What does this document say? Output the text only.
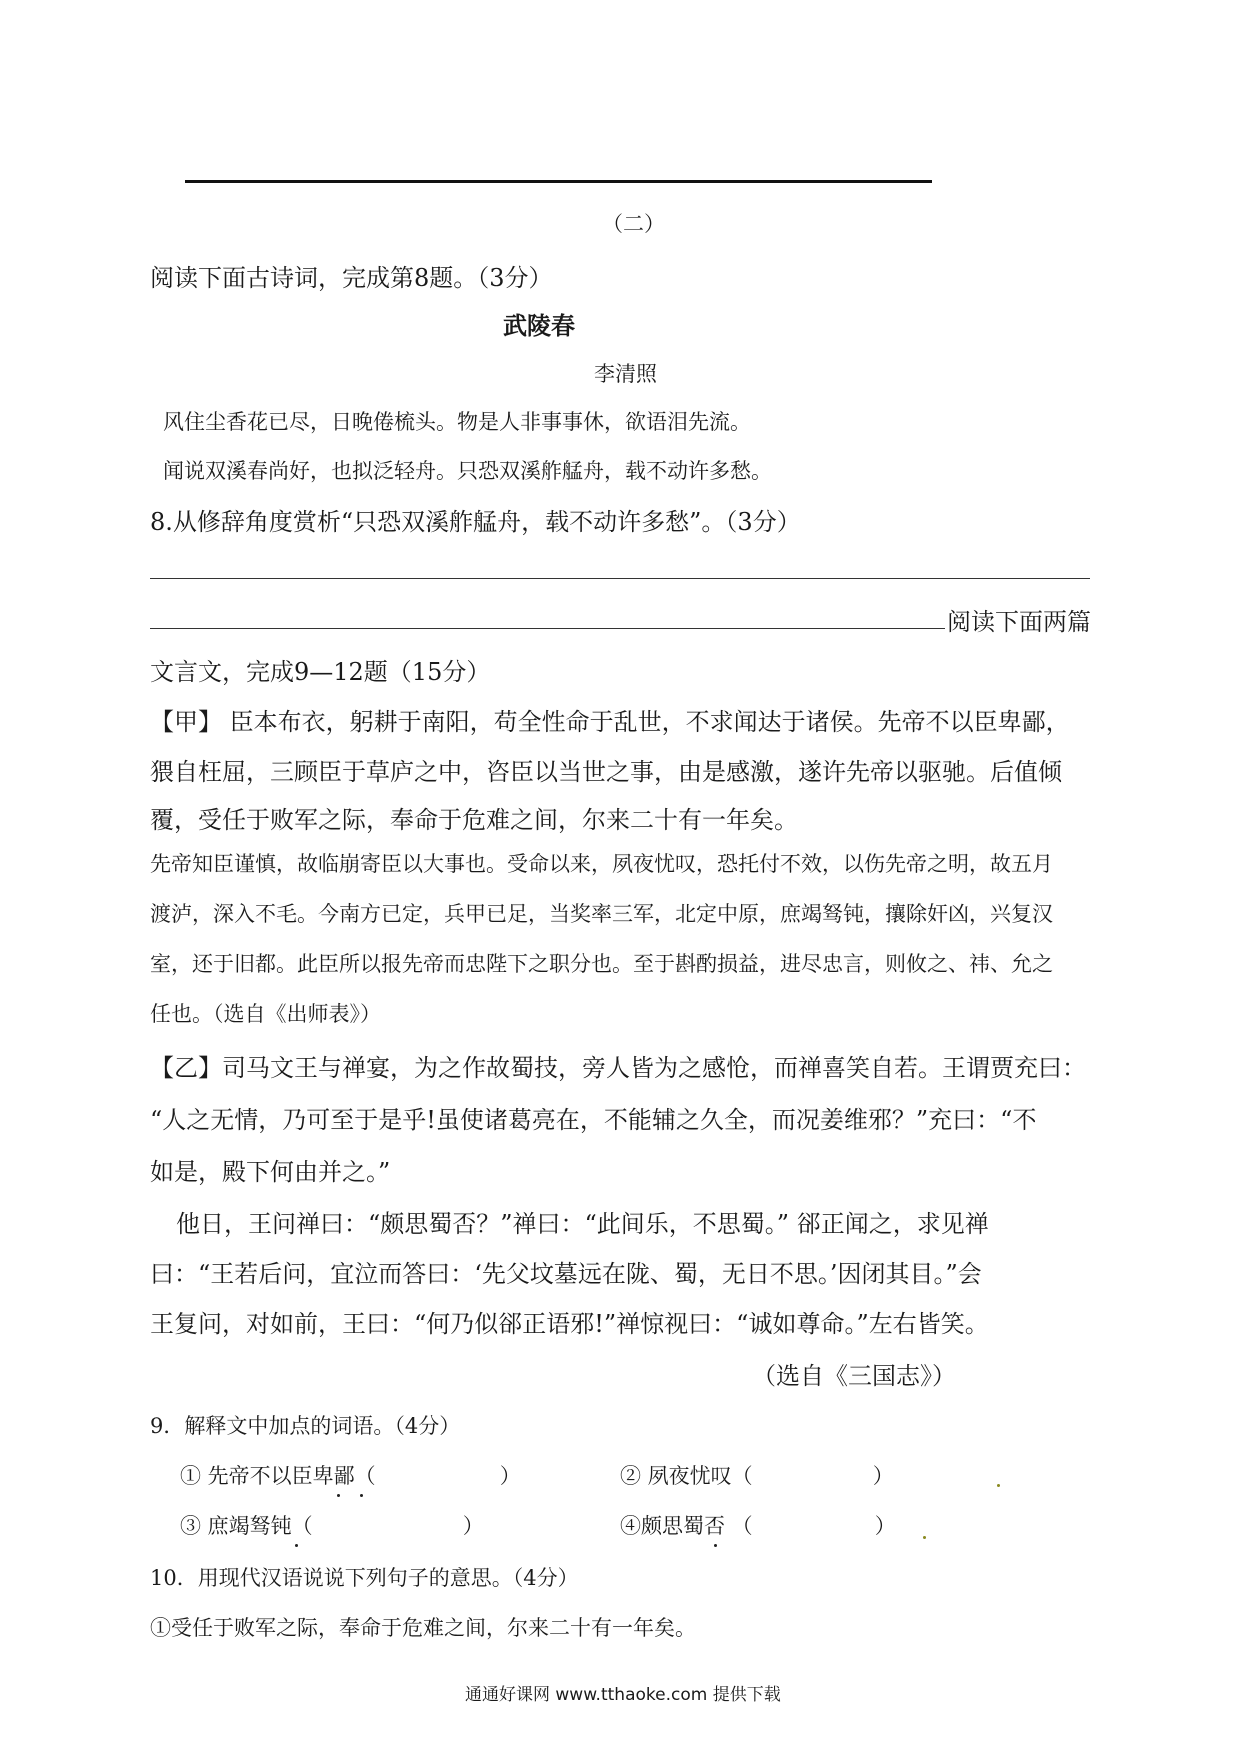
（二）
阅读下面古诗词，完成第8题。（3分）
武陵春
李清照
风住尘香花已尽，日晚倦梳头。物是人非事事休，欲语泪先流。
闻说双溪春尚好，也拟泛轻舟。只恐双溪舴艋舟，载不动许多愁。
8.从修辞角度赏析“只恐双溪舴艋舟，载不动许多愁”。（3分）
阅读下面两篇
文言文，完成9—12题（15分）
【甲】 臣本布衣，躬耕于南阳，苟全性命于乱世，不求闻达于诸侯。先帝不以臣卑鄙，
猥自枉屈，三顾臣于草庐之中，咨臣以当世之事，由是感激，遂许先帝以驱驰。后值倾
覆，受任于败军之际，奉命于危难之间，尔来二十有一年矣。
先帝知臣谨慎，故临崩寄臣以大事也。受命以来，夙夜忧叹，恐托付不效，以伤先帝之明，故五月
渡泸，深入不毛。今南方已定，兵甲已足，当奖率三军，北定中原，庶竭驽钝，攘除奸凶，兴复汉
室，还于旧都。此臣所以报先帝而忠陛下之职分也。至于斟酌损益，进尽忠言，则攸之、祎、允之
任也。（选自《出师表》）
【乙】司马文王与禅宴，为之作故蜀技，旁人皆为之感怆，而禅喜笑自若。王谓贾充曰：
“人之无情，乃可至于是乎!虽使诸葛亮在，不能辅之久全，而况姜维邪？”充曰：“不
如是，殿下何由并之。”
他日，王问禅曰：“颇思蜀否？”禅曰：“此间乐，不思蜀。” 郤正闻之，求见禅
曰：“王若后问，宜泣而答曰：‘先父坟墓远在陇、蜀，无日不思。’因闭其目。”会
王复问，对如前，王曰：“何乃似郤正语邪!”禅惊视曰：“诚如尊命。”左右皆笑。
（选自《三国志》）
9．解释文中加点的词语。（4分）
① 先帝不以臣卑鄙（	）	② 夙夜忧叹（	）
③ 庶竭驽钝（	）	④颇思蜀否 （	）
10．用现代汉语说说下列句子的意思。（4分）
①受任于败军之际，奉命于危难之间，尔来二十有一年矣。
通通好课网 www.tthaoke.com 提供下载
